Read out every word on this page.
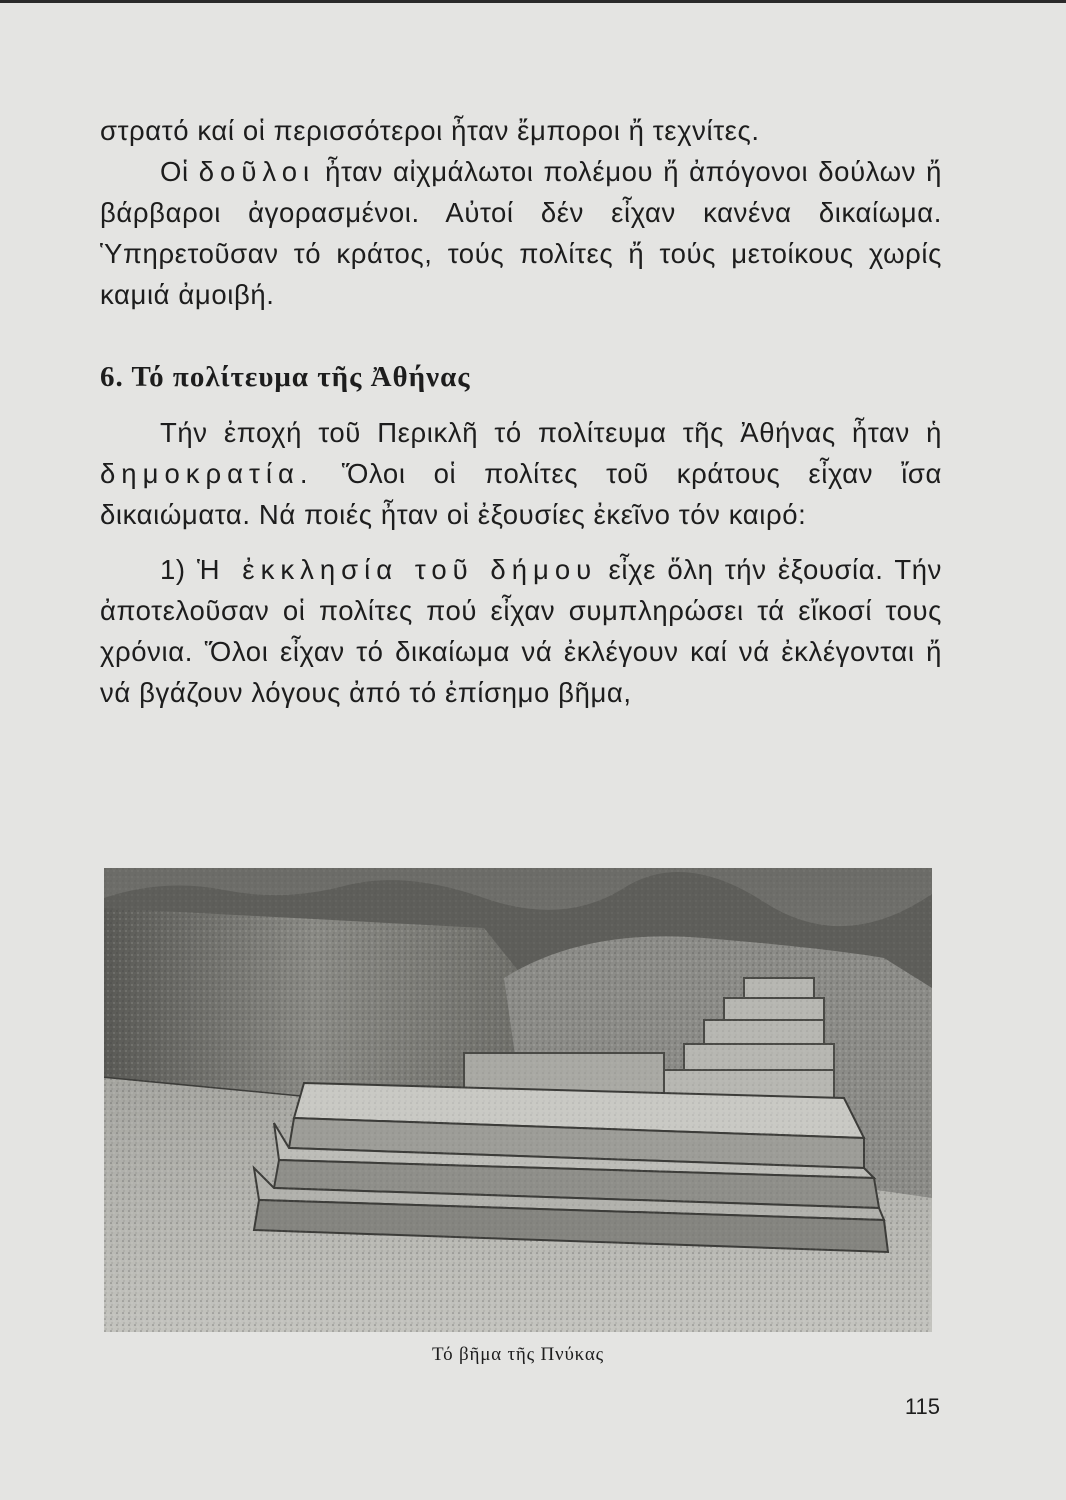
στρατό καί οἱ περισσότεροι ἦταν ἔμποροι ἤ τεχνίτες.

Οἱ δοῦλοι ἦταν αἰχμάλωτοι πολέμου ἤ ἀπόγονοι δούλων ἤ βάρβαροι ἀγορασμένοι. Αὐτοί δέν εἶχαν κανένα δικαίωμα. Ὑπηρετοῦσαν τό κράτος, τούς πολίτες ἤ τούς μετοίκους χωρίς καμιά ἀμοιβή.

6. Τό πολίτευμα τῆς Ἀθήνας

Τήν ἐποχή τοῦ Περικλῆ τό πολίτευμα τῆς Ἀθήνας ἦταν ἡ δημοκρατία. Ὅλοι οἱ πολίτες τοῦ κράτους εἶχαν ἴσα δικαιώματα. Νά ποιές ἦταν οἱ ἐξουσίες ἐκεῖνο τόν καιρό:

1) Ἡ ἐκκλησία τοῦ δήμου εἶχε ὅλη τήν ἐξουσία. Τήν ἀποτελοῦσαν οἱ πολίτες πού εἶχαν συμπληρώσει τά εἴκοσί τους χρόνια. Ὅλοι εἶχαν τό δικαίωμα νά ἐκλέγουν καί νά ἐκλέγονται ἤ νά βγάζουν λόγους ἀπό τό ἐπίσημο βῆμα,

Τό βῆμα τῆς Πνύκας
115
